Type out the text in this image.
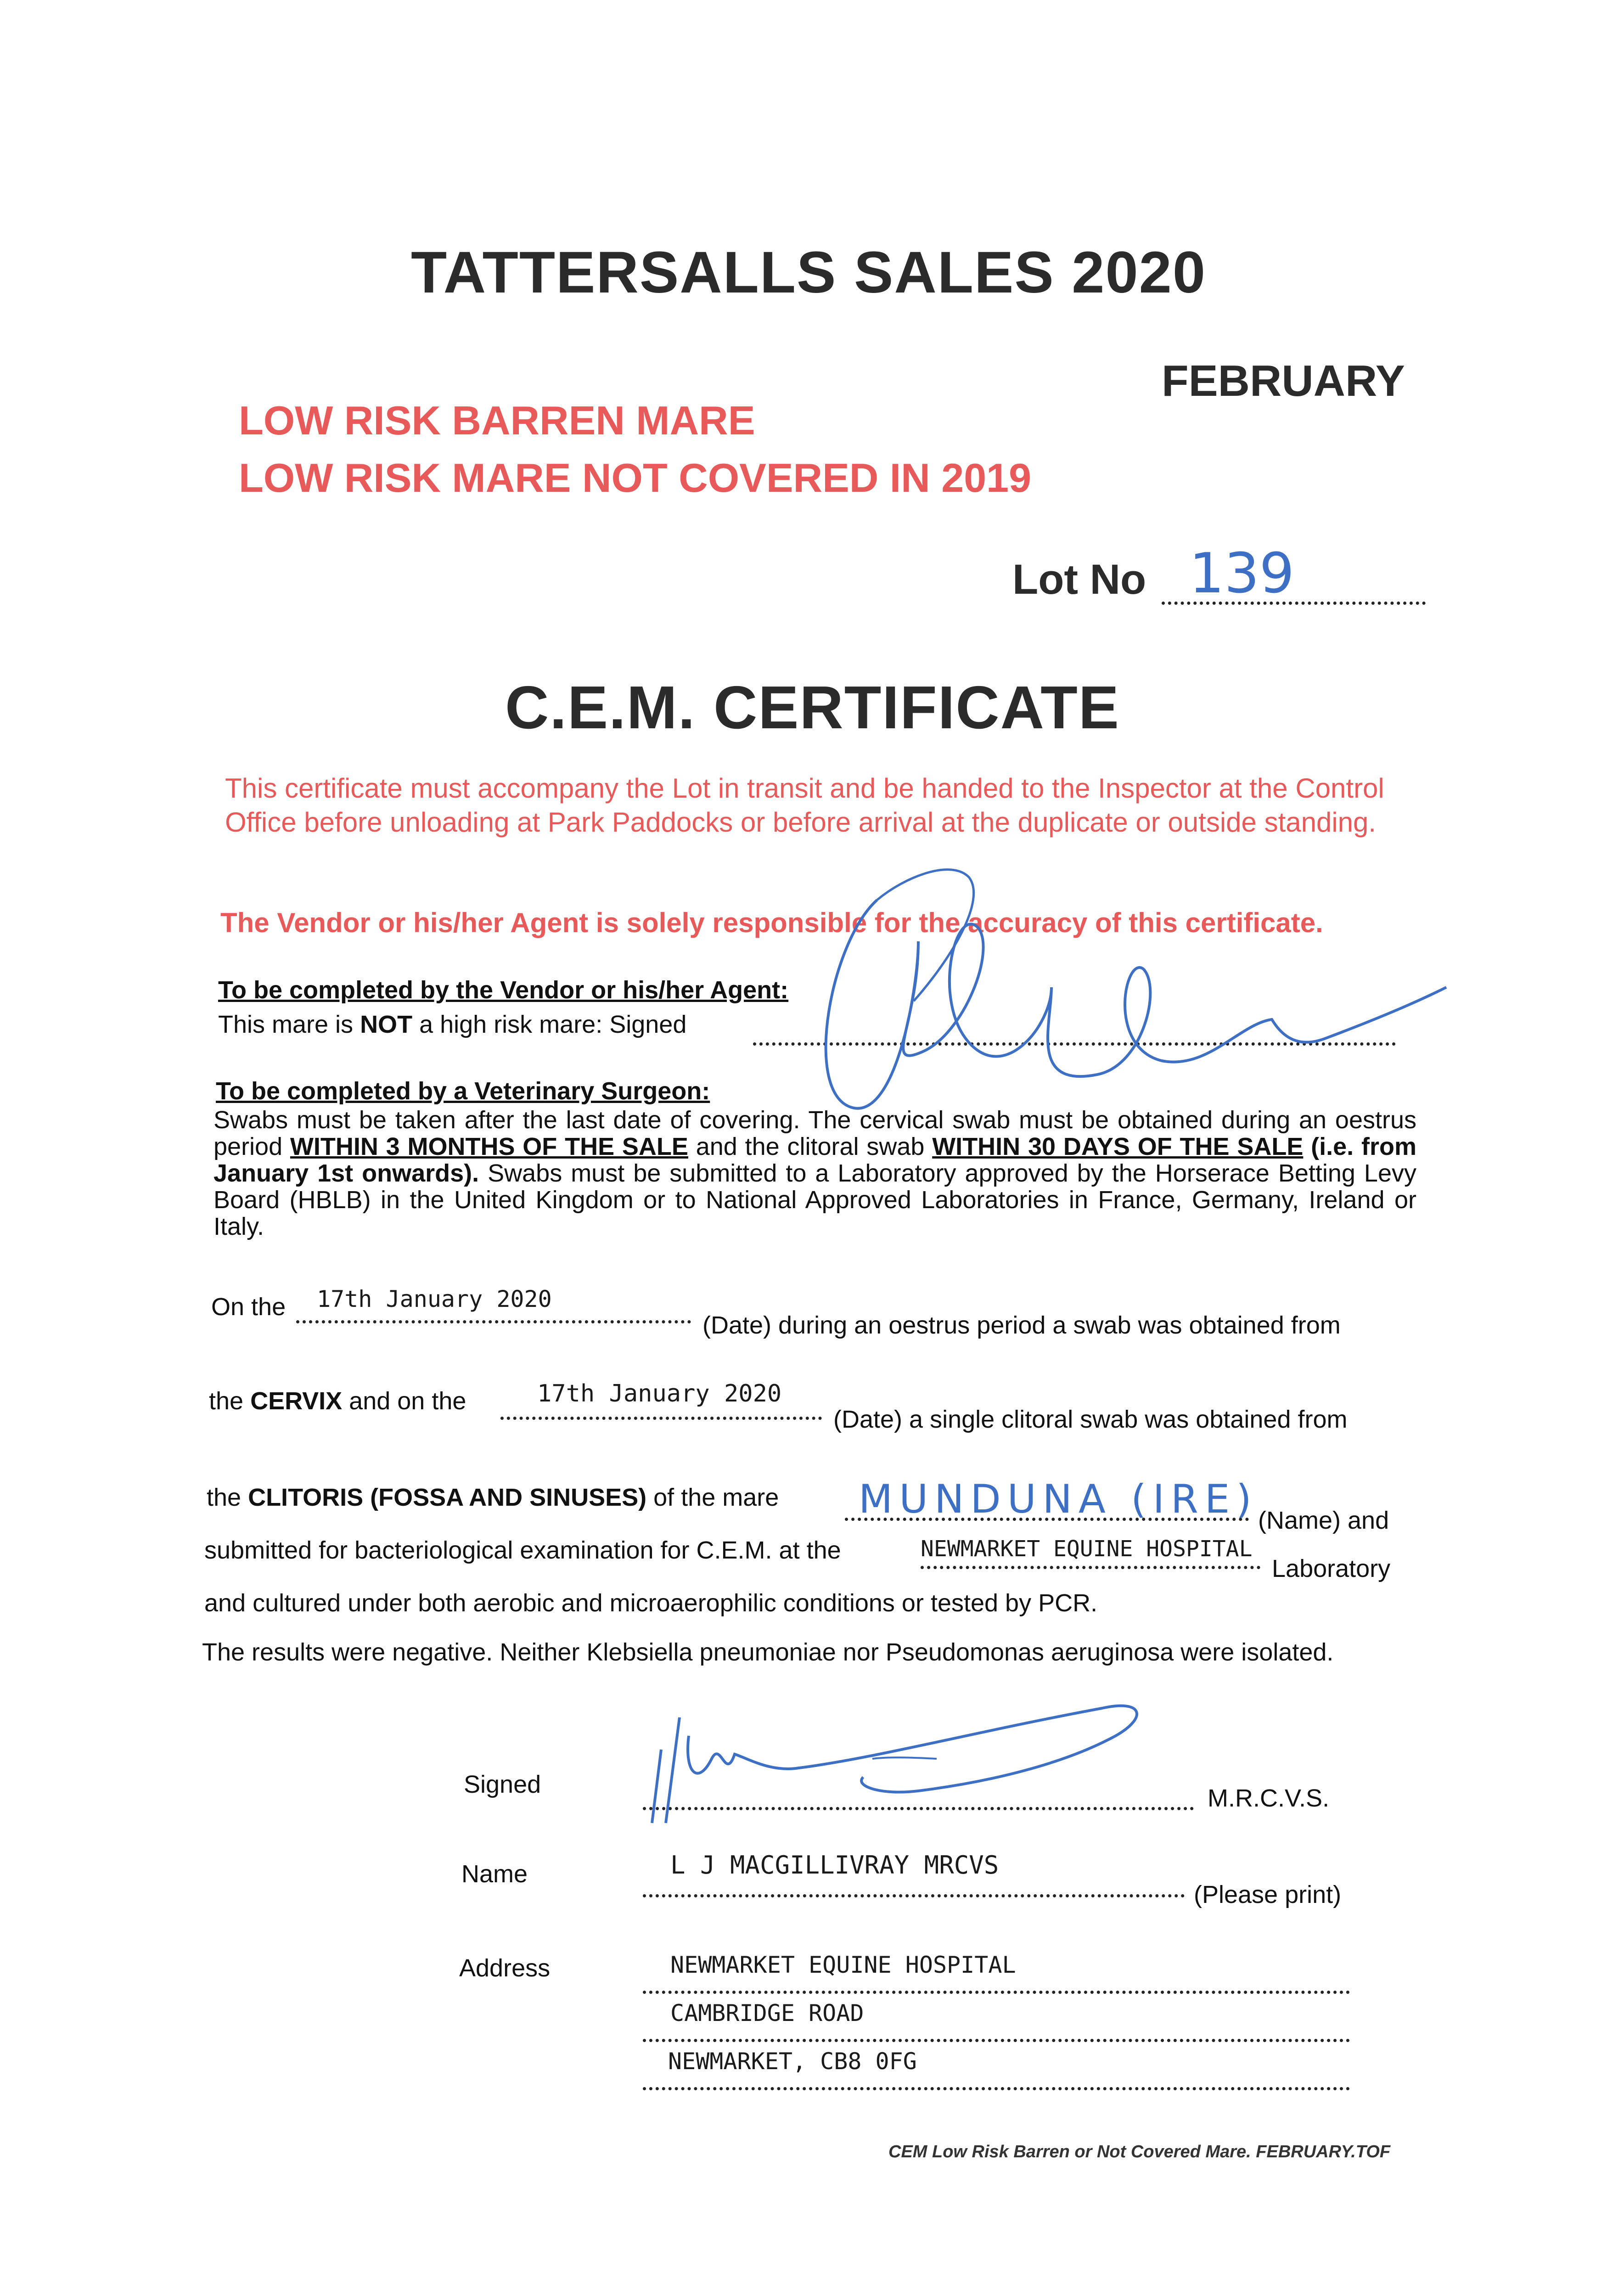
TATTERSALLS SALES 2020
FEBRUARY
LOW RISK BARREN MARE
LOW RISK MARE NOT COVERED IN 2019
Lot No 139
C.E.M. CERTIFICATE
This certificate must accompany the Lot in transit and be handed to the Inspector at the Control Office before unloading at Park Paddocks or before arrival at the duplicate or outside standing.
The Vendor or his/her Agent is solely responsible for the accuracy of this certificate.
To be completed by the Vendor or his/her Agent:
This mare is NOT a high risk mare: Signed
To be completed by a Veterinary Surgeon:
Swabs must be taken after the last date of covering. The cervical swab must be obtained during an oestrus period WITHIN 3 MONTHS OF THE SALE and the clitoral swab WITHIN 30 DAYS OF THE SALE (i.e. from January 1st onwards). Swabs must be submitted to a Laboratory approved by the Horserace Betting Levy Board (HBLB) in the United Kingdom or to National Approved Laboratories in France, Germany, Ireland or Italy.
On the 17th January 2020
(Date) during an oestrus period a swab was obtained from
the CERVIX and on the	17th January 2020
(Date) a single clitoral swab was obtained from
the CLITORIS (FOSSA AND SINUSES) of the mare MUNDUNA (IRE) (Name) and
submitted for bacteriological examination for C.E.M. at the	NEWMARKET EQUINE HOSPITAL
Laboratory
and cultured under both aerobic and microaerophilic conditions or tested by PCR.
The results were negative. Neither Klebsiella pneumoniae nor Pseudomonas aeruginosa were isolated.
Signed	M.R.C.V.S.
Name	L J MACGILLIVRAY MRCVS
(Please print)
Address	NEWMARKET EQUINE HOSPITAL
CAMBRIDGE ROAD
NEWMARKET, CB8 0FG
CEM Low Risk Barren or Not Covered Mare. FEBRUARY.TOF
